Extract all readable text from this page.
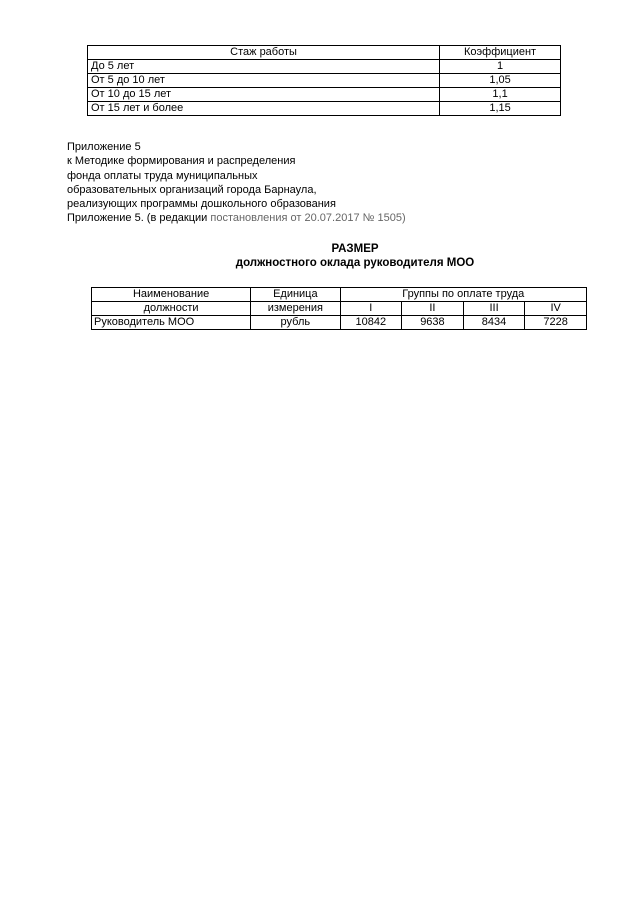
Стаж работы	Коэффициент
До 5 лет	1
От 5 до 10 лет	1,05
От 10 до 15 лет	1,1
От 15 лет и более	1,15
Приложение 5
к Методике формирования и распределения
фонда оплаты труда муниципальных
образовательных организаций города Барнаула,
реализующих программы дошкольного образования
Приложение 5. (в редакции постановления от 20.07.2017 № 1505)
РАЗМЕР
должностного оклада руководителя МОО
Наименование	Единица	Группы по оплате труда			
должности	измерения	I	II	III	IV
Руководитель МОО	рубль	10842	9638	8434	7228
